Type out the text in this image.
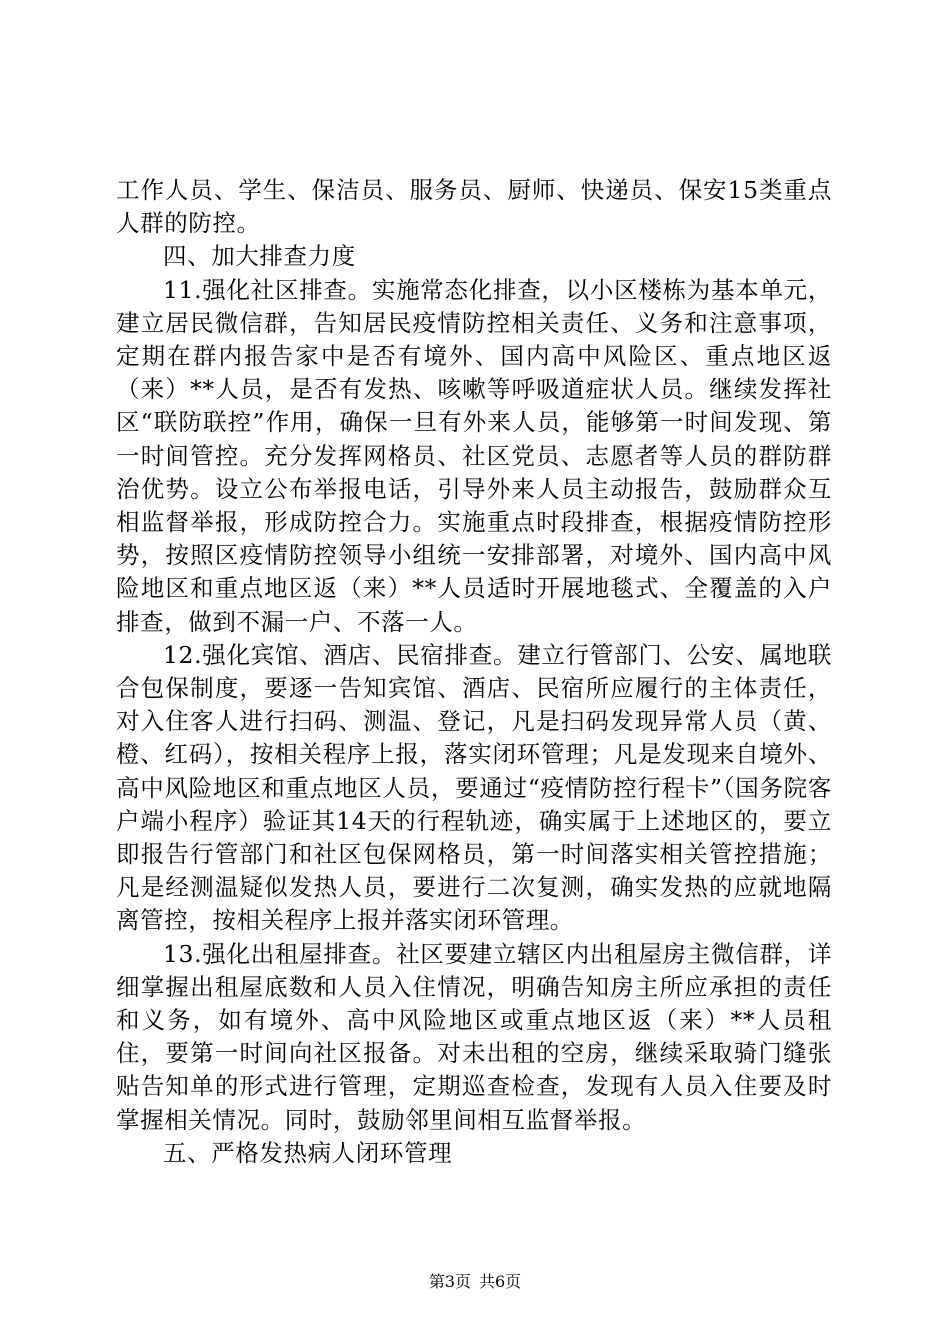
工作人员、学生、保洁员、服务员、厨师、快递员、保安15类重点人群的防控。

四、加大排查力度

11.强化社区排查。实施常态化排查，以小区楼栋为基本单元，建立居民微信群，告知居民疫情防控相关责任、义务和注意事项，定期在群内报告家中是否有境外、国内高中风险区、重点地区返（来）**人员，是否有发热、咳嗽等呼吸道症状人员。继续发挥社区“联防联控”作用，确保一旦有外来人员，能够第一时间发现、第一时间管控。充分发挥网格员、社区党员、志愿者等人员的群防群治优势。设立公布举报电话，引导外来人员主动报告，鼓励群众互相监督举报，形成防控合力。实施重点时段排查，根据疫情防控形势，按照区疫情防控领导小组统一安排部署，对境外、国内高中风险地区和重点地区返（来）**人员适时开展地毯式、全覆盖的入户排查，做到不漏一户、不落一人。

12.强化宾馆、酒店、民宿排查。建立行管部门、公安、属地联合包保制度，要逐一告知宾馆、酒店、民宿所应履行的主体责任，对入住客人进行扫码、测温、登记，凡是扫码发现异常人员（黄、橙、红码），按相关程序上报，落实闭环管理；凡是发现来自境外、高中风险地区和重点地区人员，要通过“疫情防控行程卡”（国务院客户端小程序）验证其14天的行程轨迹，确实属于上述地区的，要立即报告行管部门和社区包保网格员，第一时间落实相关管控措施；凡是经测温疑似发热人员，要进行二次复测，确实发热的应就地隔离管控，按相关程序上报并落实闭环管理。

13.强化出租屋排查。社区要建立辖区内出租屋房主微信群，详细掌握出租屋底数和人员入住情况，明确告知房主所应承担的责任和义务，如有境外、高中风险地区或重点地区返（来）**人员租住，要第一时间向社区报备。对未出租的空房，继续采取骑门缝张贴告知单的形式进行管理，定期巡查检查，发现有人员入住要及时掌握相关情况。同时，鼓励邻里间相互监督举报。

五、严格发热病人闭环管理

第3页 共6页
